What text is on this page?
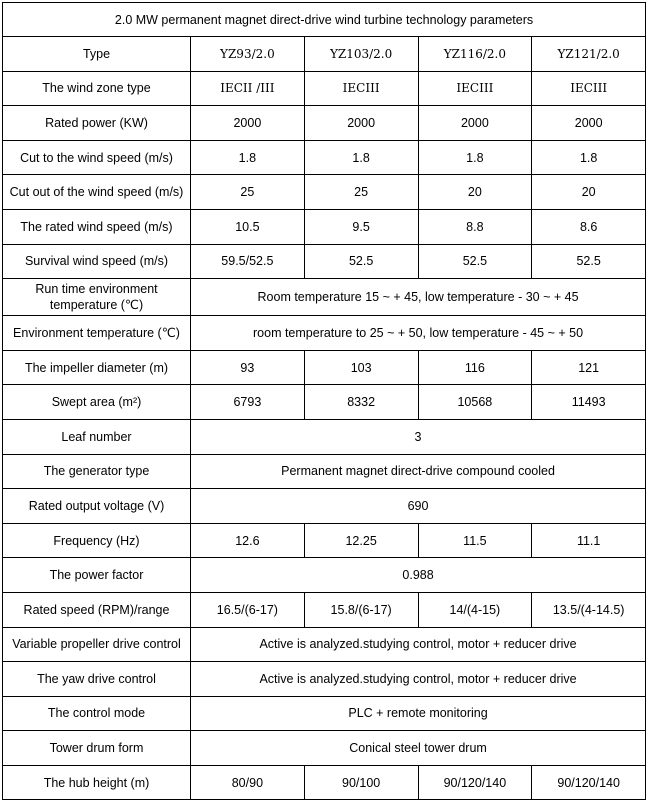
2.0 MW permanent magnet direct-drive wind turbine technology parameters				
Type	YZ93/2.0	YZ103/2.0	YZ116/2.0	YZ121/2.0
The wind zone type	IECII /III	IECIII	IECIII	IECIII
Rated power (KW)	2000	2000	2000	2000
Cut to the wind speed (m/s)	1.8	1.8	1.8	1.8
Cut out of the wind speed (m/s)	25	25	20	20
The rated wind speed (m/s)	10.5	9.5	8.8	8.6
Survival wind speed (m/s)	59.5/52.5	52.5	52.5	52.5
Run time environment temperature (℃)	Room temperature 15 ~ + 45, low temperature - 30 ~ + 45			
Environment temperature (℃)	room temperature to 25 ~ + 50, low temperature - 45 ~ + 50			
The impeller diameter (m)	93	103	116	121
Swept area (m²)	6793	8332	10568	11493
Leaf number	3			
The generator type	Permanent magnet direct-drive compound cooled			
Rated output voltage (V)	690			
Frequency (Hz)	12.6	12.25	11.5	11.1
The power factor	0.988			
Rated speed (RPM)/range	16.5/(6-17)	15.8/(6-17)	14/(4-15)	13.5/(4-14.5)
Variable propeller drive control	Active is analyzed.studying control, motor + reducer drive			
The yaw drive control	Active is analyzed.studying control, motor + reducer drive			
The control mode	PLC + remote monitoring			
Tower drum form	Conical steel tower drum			
The hub height (m)	80/90	90/100	90/120/140	90/120/140
